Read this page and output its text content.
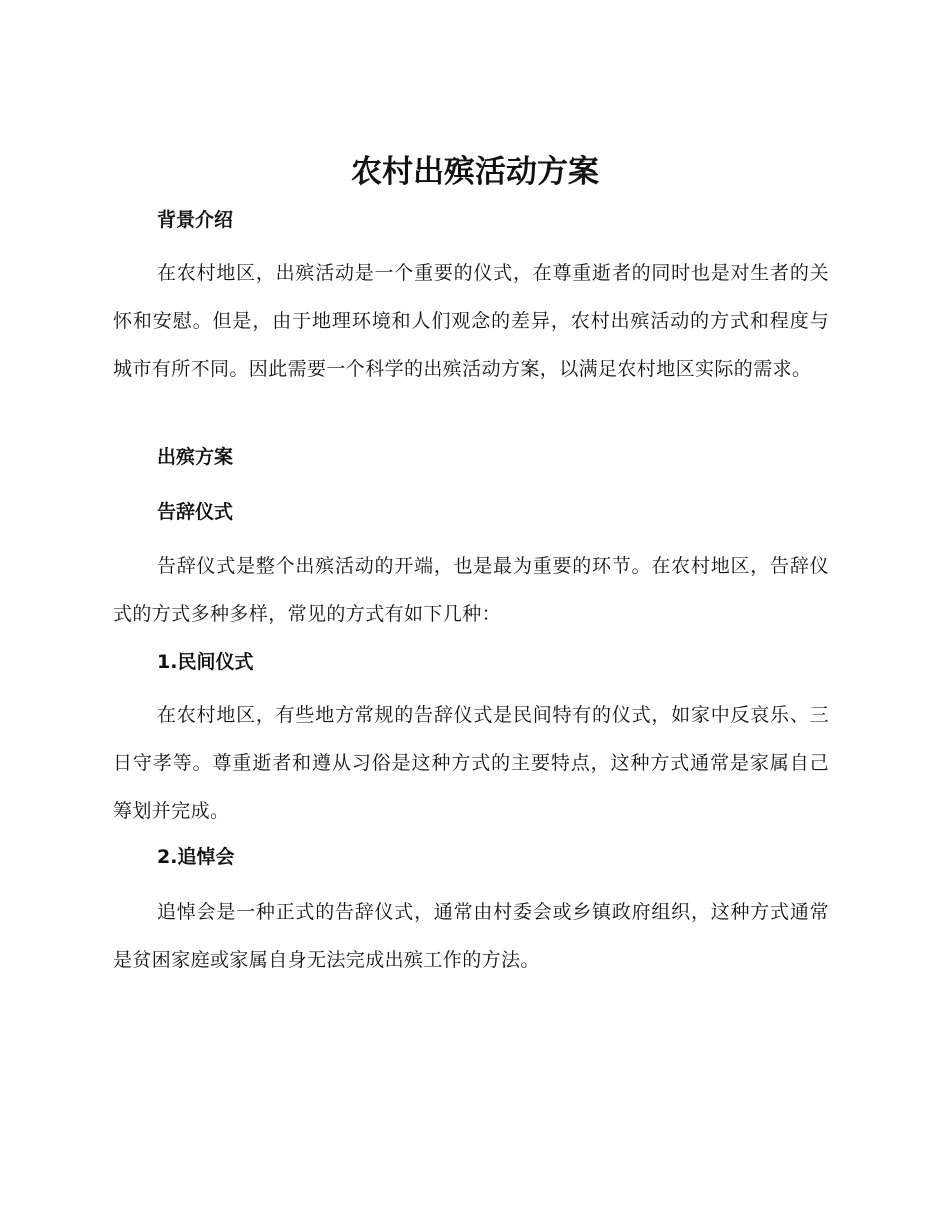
农村出殡活动方案
背景介绍

在农村地区，出殡活动是一个重要的仪式，在尊重逝者的同时也是对生者的关怀和安慰。但是，由于地理环境和人们观念的差异，农村出殡活动的方式和程度与城市有所不同。因此需要一个科学的出殡活动方案，以满足农村地区实际的需求。

出殡方案
告辞仪式

告辞仪式是整个出殡活动的开端，也是最为重要的环节。在农村地区，告辞仪式的方式多种多样，常见的方式有如下几种：

1.民间仪式

在农村地区，有些地方常规的告辞仪式是民间特有的仪式，如家中反哀乐、三日守孝等。尊重逝者和遵从习俗是这种方式的主要特点，这种方式通常是家属自己筹划并完成。

2.追悼会

追悼会是一种正式的告辞仪式，通常由村委会或乡镇政府组织，这种方式通常是贫困家庭或家属自身无法完成出殡工作的方法。
